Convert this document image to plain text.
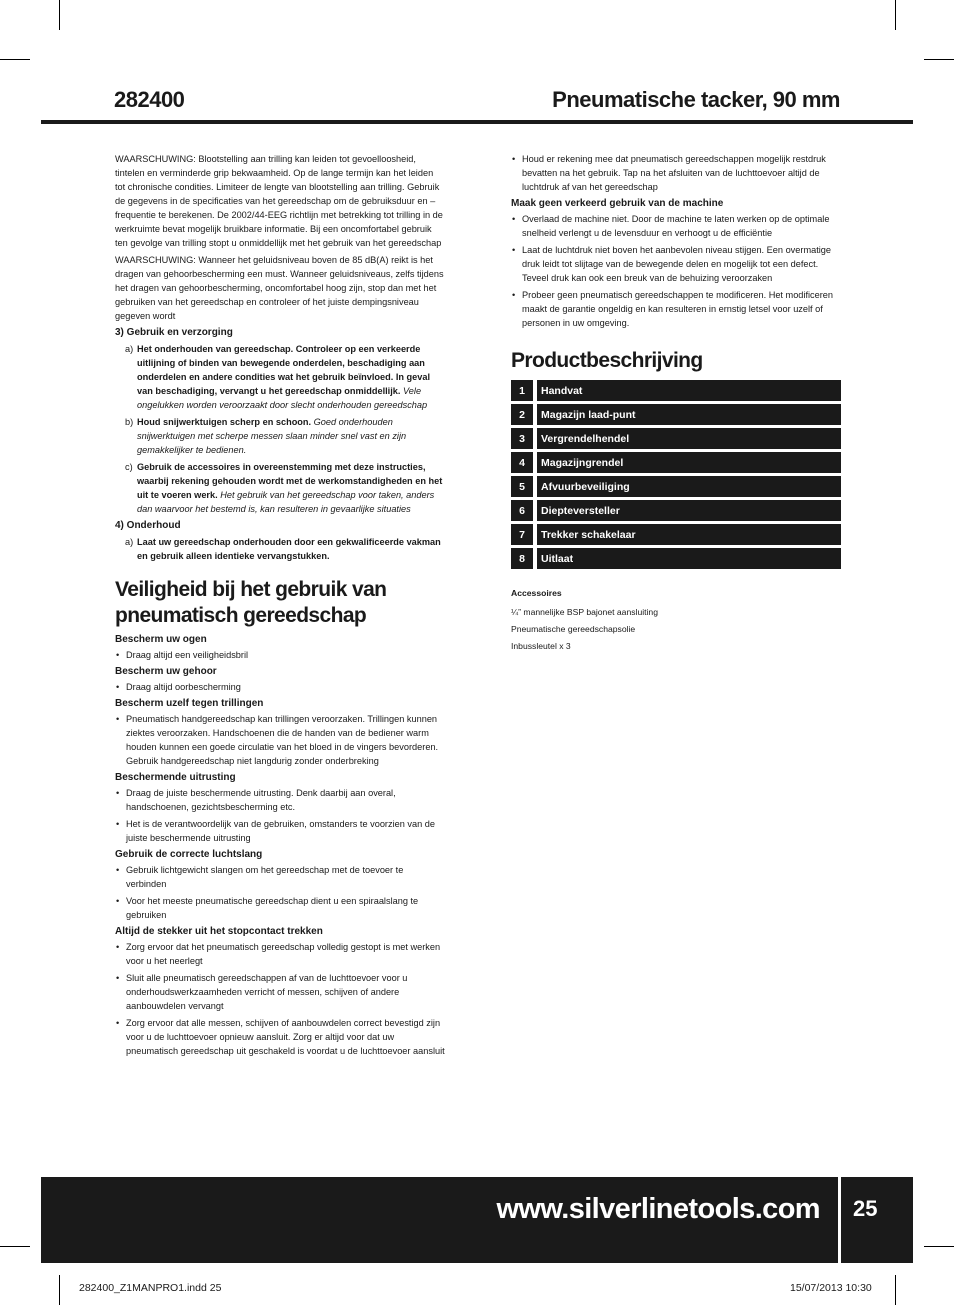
282400	Pneumatische tacker, 90 mm

WAARSCHUWING: Blootstelling aan trilling kan leiden tot gevoelloosheid, tintelen en verminderde grip bekwaamheid. Op de lange termijn kan het leiden tot chronische condities. Limiteer de lengte van blootstelling aan trilling. Gebruik de gegevens in de specificaties van het gereedschap om de gebruiksduur en –frequentie te berekenen. De 2002/44-EEG richtlijn met betrekking tot trilling in de werkruimte bevat mogelijk bruikbare informatie. Bij een oncomfortabel gebruik ten gevolge van trilling stopt u onmiddellijk met het gebruik van het gereedschap

WAARSCHUWING: Wanneer het geluidsniveau boven de 85 dB(A) reikt is het dragen van gehoorbescherming een must. Wanneer geluidsniveaus, zelfs tijdens het dragen van gehoorbescherming, oncomfortabel hoog zijn, stop dan met het gebruiken van het gereedschap en controleer of het juiste dempingsniveau gegeven wordt

3) Gebruik en verzorging

a) Het onderhouden van gereedschap. Controleer op een verkeerde uitlijning of binden van bewegende onderdelen, beschadiging aan onderdelen en andere condities wat het gebruik beïnvloed. In geval van beschadiging, vervangt u het gereedschap onmiddellijk. Vele ongelukken worden veroorzaakt door slecht onderhouden gereedschap
b) Houd snijwerktuigen scherp en schoon. Goed onderhouden snijwerktuigen met scherpe messen slaan minder snel vast en zijn gemakkelijker te bedienen.
c) Gebruik de accessoires in overeenstemming met deze instructies, waarbij rekening gehouden wordt met de werkomstandigheden en het uit te voeren werk. Het gebruik van het gereedschap voor taken, anders dan waarvoor het bestemd is, kan resulteren in gevaarlijke situaties

4) Onderhoud

a) Laat uw gereedschap onderhouden door een gekwalificeerde vakman en gebruik alleen identieke vervangstukken.
Veiligheid bij het gebruik van pneumatisch gereedschap

Bescherm uw ogen

• Draag altijd een veiligheidsbril

Bescherm uw gehoor

• Draag altijd oorbescherming

Bescherm uzelf tegen trillingen

• Pneumatisch handgereedschap kan trillingen veroorzaken. Trillingen kunnen ziektes veroorzaken. Handschoenen die de handen van de bediener warm houden kunnen een goede circulatie van het bloed in de vingers bevorderen. Gebruik handgereedschap niet langdurig zonder onderbreking

Beschermende uitrusting

• Draag de juiste beschermende uitrusting. Denk daarbij aan overal, handschoenen, gezichtsbescherming etc.
• Het is de verantwoordelijk van de gebruiken, omstanders te voorzien van de juiste beschermende uitrusting

Gebruik de correcte luchtslang

• Gebruik lichtgewicht slangen om het gereedschap met de toevoer te verbinden
• Voor het meeste pneumatische gereedschap dient u een spiraalslang te gebruiken

Altijd de stekker uit het stopcontact trekken

• Zorg ervoor dat het pneumatisch gereedschap volledig gestopt is met werken voor u het neerlegt
• Sluit alle pneumatisch gereedschappen af van de luchttoevoer voor u onderhoudswerkzaamheden verricht of messen, schijven of andere aanbouwdelen vervangt
• Zorg ervoor dat alle messen, schijven of aanbouwdelen correct bevestigd zijn voor u de luchttoevoer opnieuw aansluit. Zorg er altijd voor dat uw pneumatisch gereedschap uit geschakeld is voordat u de luchttoevoer aansluit
• Houd er rekening mee dat pneumatisch gereedschappen mogelijk restdruk bevatten na het gebruik. Tap na het afsluiten van de luchttoevoer altijd de luchtdruk af van het gereedschap

Maak geen verkeerd gebruik van de machine

• Overlaad de machine niet. Door de machine te laten werken op de optimale snelheid verlengt u de levensduur en verhoogt u de efficiëntie
• Laat de luchtdruk niet boven het aanbevolen niveau stijgen. Een overmatige druk leidt tot slijtage van de bewegende delen en mogelijk tot een defect. Teveel druk kan ook een breuk van de behuizing veroorzaken
• Probeer geen pneumatisch gereedschappen te modificeren. Het modificeren maakt de garantie ongeldig en kan resulteren in ernstig letsel voor uzelf of personen in uw omgeving.
Productbeschrijving
1	Handvat
2	Magazijn laad-punt
3	Vergrendelhendel
4	Magazijngrendel
5	Afvuurbeveiliging
6	Diepteversteller
7	Trekker schakelaar
8	Uitlaat

Accessoires

¼” mannelijke BSP bajonet aansluiting

Pneumatische gereedschapsolie

Inbussleutel x 3

www.silverlinetools.com 25
282400_Z1MANPRO1.indd 25	15/07/2013 10:30
